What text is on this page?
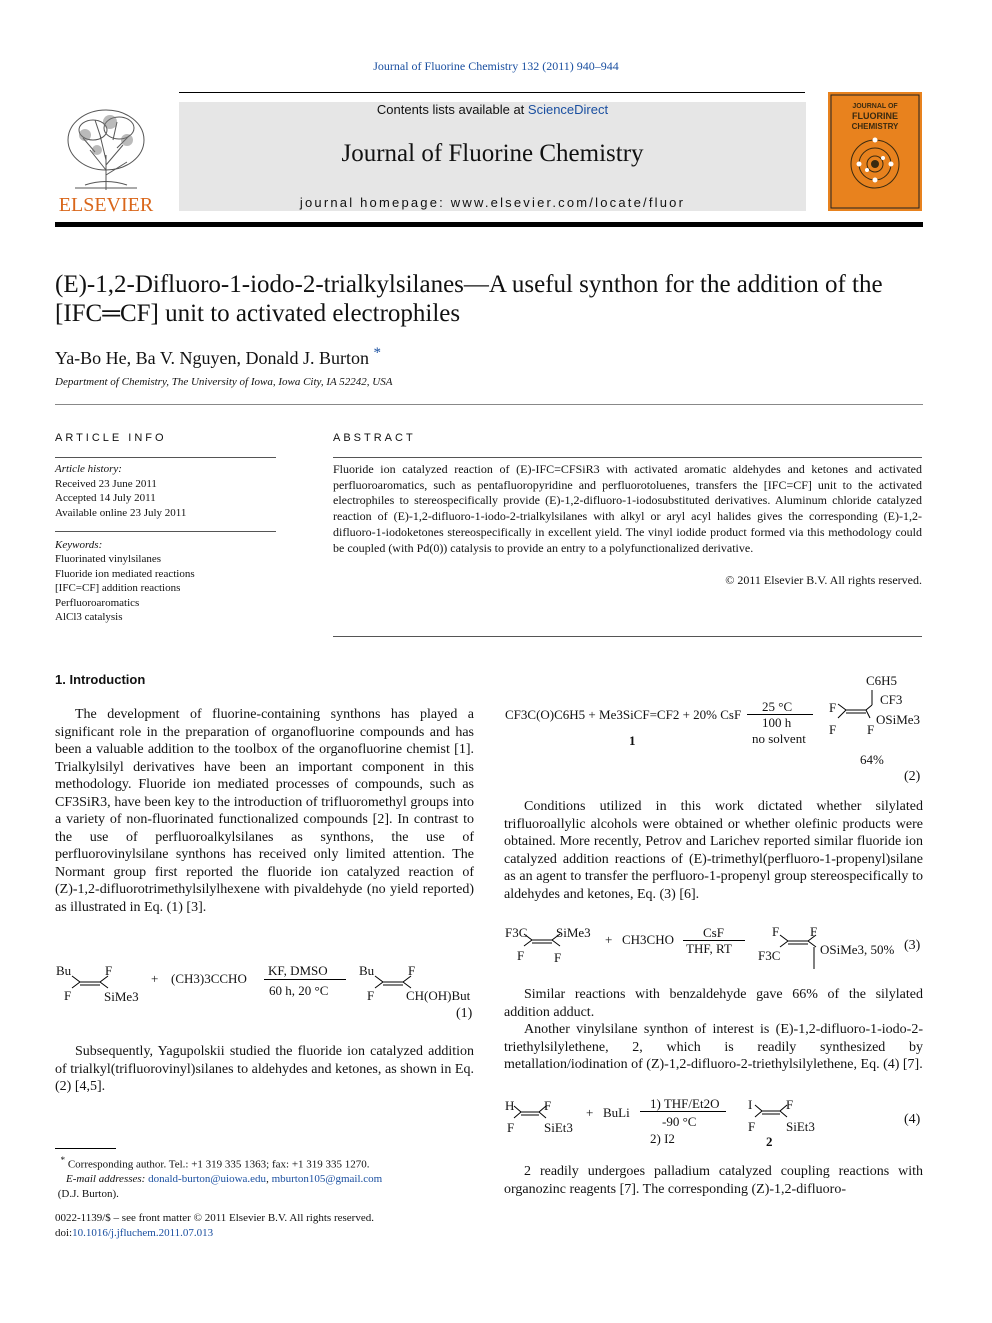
Journal of Fluorine Chemistry 132 (2011) 940–944
ELSEVIER
Contents lists available at ScienceDirect
Journal of Fluorine Chemistry
journal homepage: www.elsevier.com/locate/fluor
JOURNAL OF
FLUORINE
CHEMISTRY
(E)-1,2-Difluoro-1-iodo-2-trialkylsilanes—A useful synthon for the addition of the [IFC═CF] unit to activated electrophiles
Ya-Bo He, Ba V. Nguyen, Donald J. Burton *
Department of Chemistry, The University of Iowa, Iowa City, IA 52242, USA
ARTICLE INFO
Article history:
Received 23 June 2011
Accepted 14 July 2011
Available online 23 July 2011
Keywords:
Fluorinated vinylsilanes
Fluoride ion mediated reactions
[IFC=CF] addition reactions
Perfluoroaromatics
AlCl3 catalysis
ABSTRACT
Fluoride ion catalyzed reaction of (E)-IFC=CFSiR3 with activated aromatic aldehydes and ketones and activated perfluoroaromatics, such as pentafluoropyridine and perfluorotoluenes, transfers the [IFC=CF] unit to the activated electrophiles to stereospecifically provide (E)-1,2-difluoro-1-iodosubstituted derivatives. Aluminum chloride catalyzed reaction of (E)-1,2-difluoro-1-iodo-2-trialkylsilanes with alkyl or aryl acyl halides gives the corresponding (E)-1,2-difluoro-1-iodoketones stereospecifically in excellent yield. The vinyl iodide product formed via this methodology could be coupled (with Pd(0)) catalysis to provide an entry to a polyfunctionalized derivative.
© 2011 Elsevier B.V. All rights reserved.
1. Introduction
The development of fluorine-containing synthons has played a significant role in the preparation of organofluorine compounds and has been a valuable addition to the toolbox of the organofluorine chemist [1]. Trialkylsilyl derivatives have been an important component in this methodology. Fluoride ion mediated processes of compounds, such as CF3SiR3, have been key to the introduction of trifluoromethyl groups into a variety of non-fluorinated functionalized compounds [2]. In contrast to the use of perfluoroalkylsilanes as synthons, the use of perfluorovinylsilane synthons has received only limited attention. The Normant group first reported the fluoride ion catalyzed reaction of (Z)-1,2-difluorotrimethylsilylhexene with pivaldehyde (no yield reported) as illustrated in Eq. (1) [3].
Bu	F
F	SiMe3
+ (CH3)3CCHO
KF, DMSO
60 h, 20 °C
Bu	F
F CH(OH)But
(1)
Subsequently, Yagupolskii studied the fluoride ion catalyzed addition of trialkyl(trifluorovinyl)silanes to aldehydes and ketones, as shown in Eq. (2) [4,5].
CF3C(O)C6H5 + Me3SiCF=CF2 + 20% CsF
1
25 °C
100 h
no solvent
C6H5
CF3
F
OSiMe3
F F
64%
(2)
Conditions utilized in this work dictated whether silylated trifluoroallylic alcohols were obtained or whether olefinic products were obtained. More recently, Petrov and Larichev reported similar fluoride ion catalyzed addition reactions of (E)-trimethyl(perfluoro-1-propenyl)silane as an agent to transfer the perfluoro-1-propenyl group stereospecifically to aldehydes and ketones, Eq. (3) [6].
F3C SiMe3
F F
+ CH3CHO CsF
THF, RT
F F
F3C	OSiMe3, 50% (3)
Similar reactions with benzaldehyde gave 66% of the silylated addition adduct.
Another vinylsilane synthon of interest is (E)-1,2-difluoro-1-iodo-2-triethylsilylethene, 2, which is readily synthesized by metallation/iodination of (Z)-1,2-difluoro-2-triethylsilylethene, Eq. (4) [7].
H F
F SiEt3
+ BuLi
1) THF/Et2O
-90 °C
2) I2
I	F
F SiEt3
2
(4)
2 readily undergoes palladium catalyzed coupling reactions with organozinc reagents [7]. The corresponding (Z)-1,2-difluoro-
* Corresponding author. Tel.: +1 319 335 1363; fax: +1 319 335 1270.
E-mail addresses: donald-burton@uiowa.edu, mburton105@gmail.com
(D.J. Burton).
0022-1139/$ – see front matter © 2011 Elsevier B.V. All rights reserved.
doi:10.1016/j.jfluchem.2011.07.013
